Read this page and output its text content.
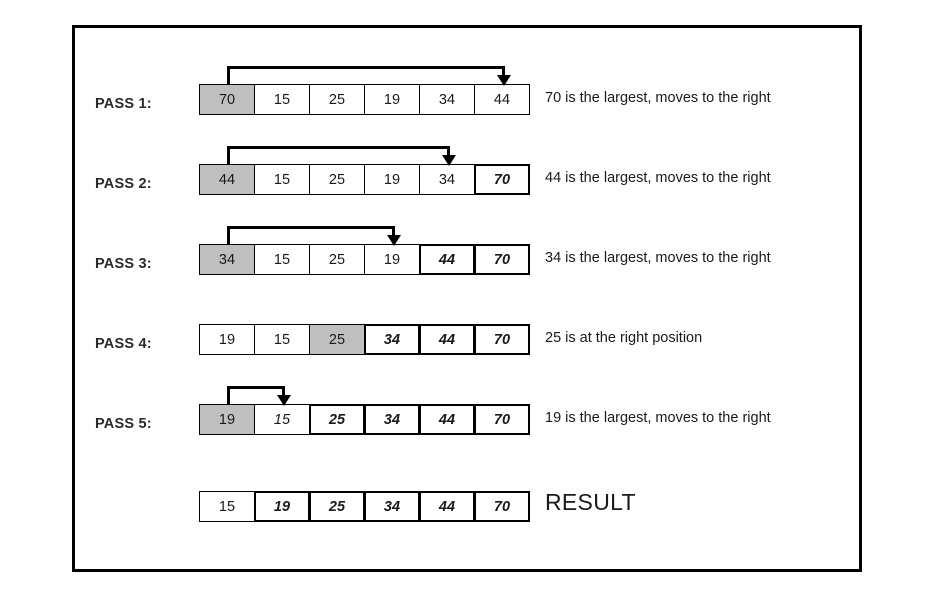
PASS 1:	70	15	25	19	34	44	70 is the largest, moves to the right
PASS 2:	44	15	25	19	34	70	44 is the largest, moves to the right
PASS 3:	34	15	25	19	44	70	34 is the largest, moves to the right
PASS 4:	19	15	25	34	44	70	25 is at the right position
PASS 5:	19	15	25	34	44	70	19 is the largest, moves to the right
15	19	25	34	44	70	RESULT
